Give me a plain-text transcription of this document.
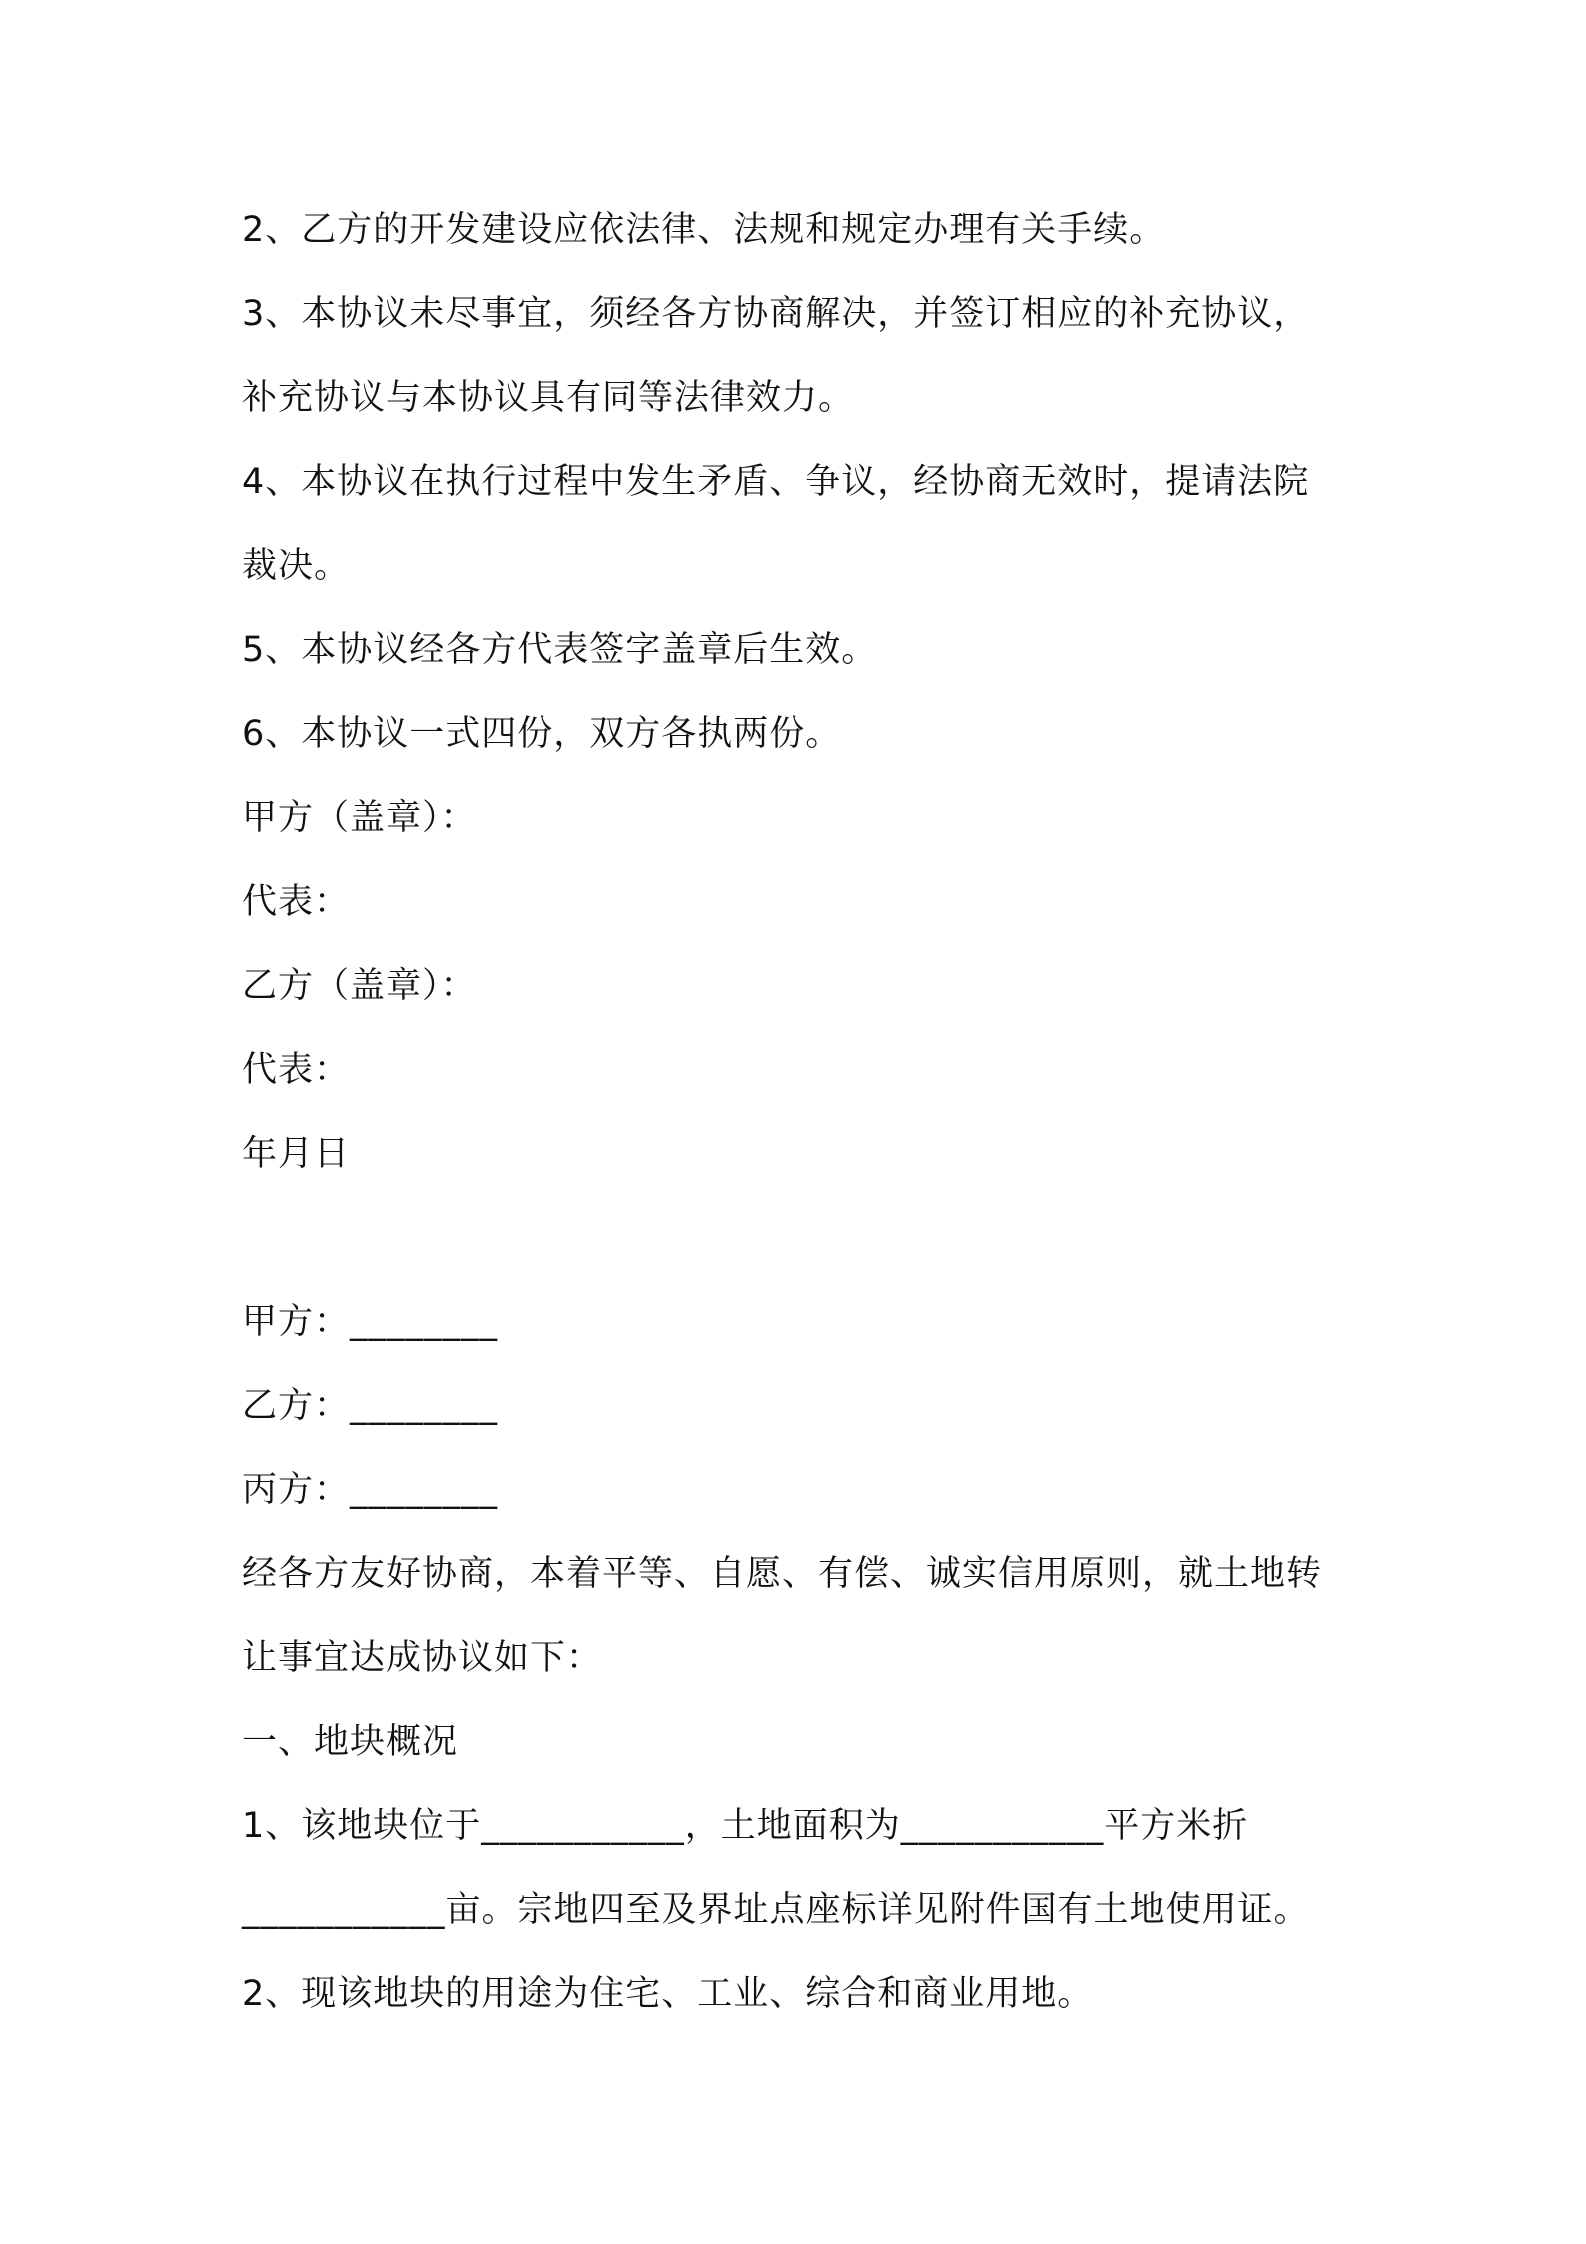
2、乙方的开发建设应依法律、法规和规定办理有关手续。
3、本协议未尽事宜，须经各方协商解决，并签订相应的补充协议，
补充协议与本协议具有同等法律效力。
4、本协议在执行过程中发生矛盾、争议，经协商无效时，提请法院
裁决。
5、本协议经各方代表签字盖章后生效。
6、本协议一式四份，双方各执两份。
甲方（盖章）：
代表：
乙方（盖章）：
代表：
年月日
甲方：________
乙方：________
丙方：________
经各方友好协商，本着平等、自愿、有偿、诚实信用原则，就土地转
让事宜达成协议如下：
一、地块概况
1、该地块位于___________，土地面积为___________平方米折
___________亩。宗地四至及界址点座标详见附件国有土地使用证。
2、现该地块的用途为住宅、工业、综合和商业用地。
